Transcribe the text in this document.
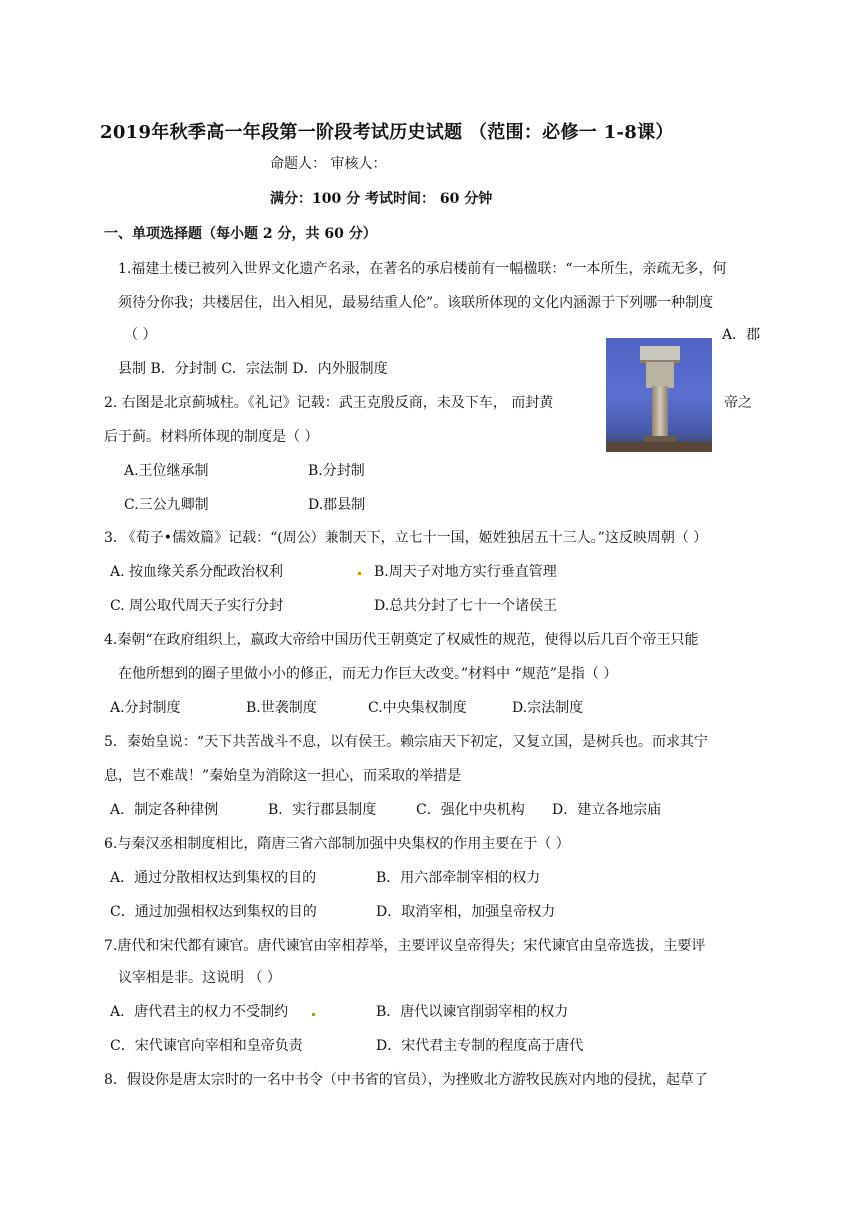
2019年秋季高一年段第一阶段考试历史试题 （范围：必修一 1-8课）
命题人： 审核人：
满分：100 分 考试时间： 60 分钟
一、单项选择题（每小题 2 分，共 60 分）
1.福建土楼已被列入世界文化遗产名录，在著名的承启楼前有一幅楹联：“一本所生，亲疏无多，何
须待分你我；共楼居住，出入相见，最易结重人伦”。该联所体现的文化内涵源于下列哪一种制度
（ ）	A．郡
县制 B．分封制 C．宗法制 D．内外服制度
2. 右图是北京蓟城柱。《礼记》记载：武王克殷反商，未及下车， 而封黄	帝之
后于蓟。材料所体现的制度是（ ）
A.王位继承制	B.分封制
C.三公九卿制	D.郡县制
3. 《荀子•儒效篇》记载：“(周公）兼制天下，立七十一国，姬姓独居五十三人。”这反映周朝（ ）
A. 按血缘关系分配政治权利	B.周天子对地方实行垂直管理
C. 周公取代周天子实行分封	D.总共分封了七十一个诸侯王
4.秦朝“在政府组织上，嬴政大帝给中国历代王朝奠定了权威性的规范，使得以后几百个帝王只能
在他所想到的圈子里做小小的修正，而无力作巨大改变。”材料中 “规范”是指（ ）
A.分封制度	B.世袭制度	C.中央集权制度	D.宗法制度
5．秦始皇说：“天下共苦战斗不息，以有侯王。赖宗庙天下初定，又复立国，是树兵也。而求其宁
息，岂不难哉！”秦始皇为消除这一担心，而采取的举措是
A．制定各种律例	B．实行郡县制度	C．强化中央机构 D．建立各地宗庙
6.与秦汉丞相制度相比，隋唐三省六部制加强中央集权的作用主要在于（ ）
A．通过分散相权达到集权的目的	B．用六部牵制宰相的权力
C．通过加强相权达到集权的目的	D．取消宰相，加强皇帝权力
7.唐代和宋代都有谏官。唐代谏官由宰相荐举，主要评议皇帝得失；宋代谏官由皇帝选拔，主要评
议宰相是非。这说明 （ ）
A．唐代君主的权力不受制约	B．唐代以谏官削弱宰相的权力
C．宋代谏官向宰相和皇帝负责	D．宋代君主专制的程度高于唐代
8．假设你是唐太宗时的一名中书令（中书省的官员），为挫败北方游牧民族对内地的侵扰，起草了
